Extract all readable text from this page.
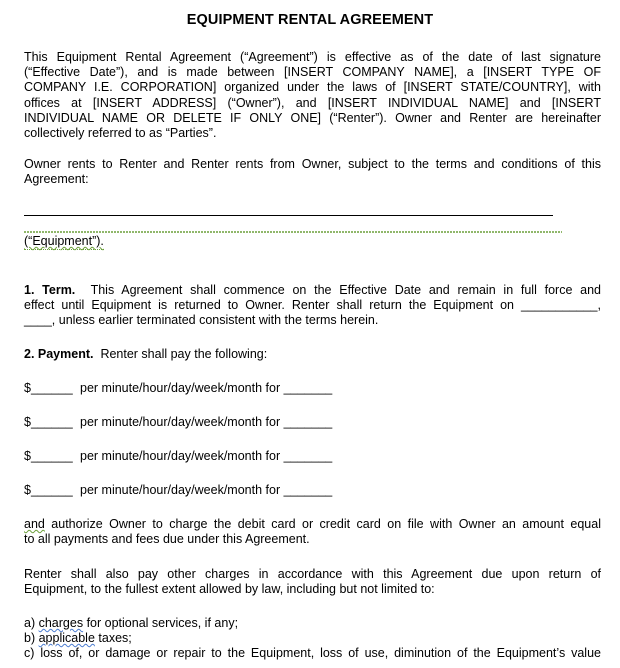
EQUIPMENT RENTAL AGREEMENT
This Equipment Rental Agreement (“Agreement”) is effective as of the date of last signature
(“Effective Date”), and is made between [INSERT COMPANY NAME], a [INSERT TYPE OF
COMPANY I.E. CORPORATION] organized under the laws of [INSERT STATE/COUNTRY], with
offices at [INSERT ADDRESS] (“Owner”), and [INSERT INDIVIDUAL NAME] and [INSERT
INDIVIDUAL NAME OR DELETE IF ONLY ONE] (“Renter”). Owner and Renter are hereinafter
collectively referred to as “Parties”.
Owner rents to Renter and Renter rents from Owner, subject to the terms and conditions of this
Agreement:
(“Equipment”).
1. Term. This Agreement shall commence on the Effective Date and remain in full force and
effect until Equipment is returned to Owner. Renter shall return the Equipment on ___________,
____, unless earlier terminated consistent with the terms herein.
2. Payment. Renter shall pay the following:
$______ per minute/hour/day/week/month for _______
$______ per minute/hour/day/week/month for _______
$______ per minute/hour/day/week/month for _______
$______ per minute/hour/day/week/month for _______
and authorize Owner to charge the debit card or credit card on file with Owner an amount equal
to all payments and fees due under this Agreement.
Renter shall also pay other charges in accordance with this Agreement due upon return of
Equipment, to the fullest extent allowed by law, including but not limited to:
a) charges for optional services, if any;
b) applicable taxes;
c) loss of, or damage or repair to the Equipment, loss of use, diminution of the Equipment’s value
